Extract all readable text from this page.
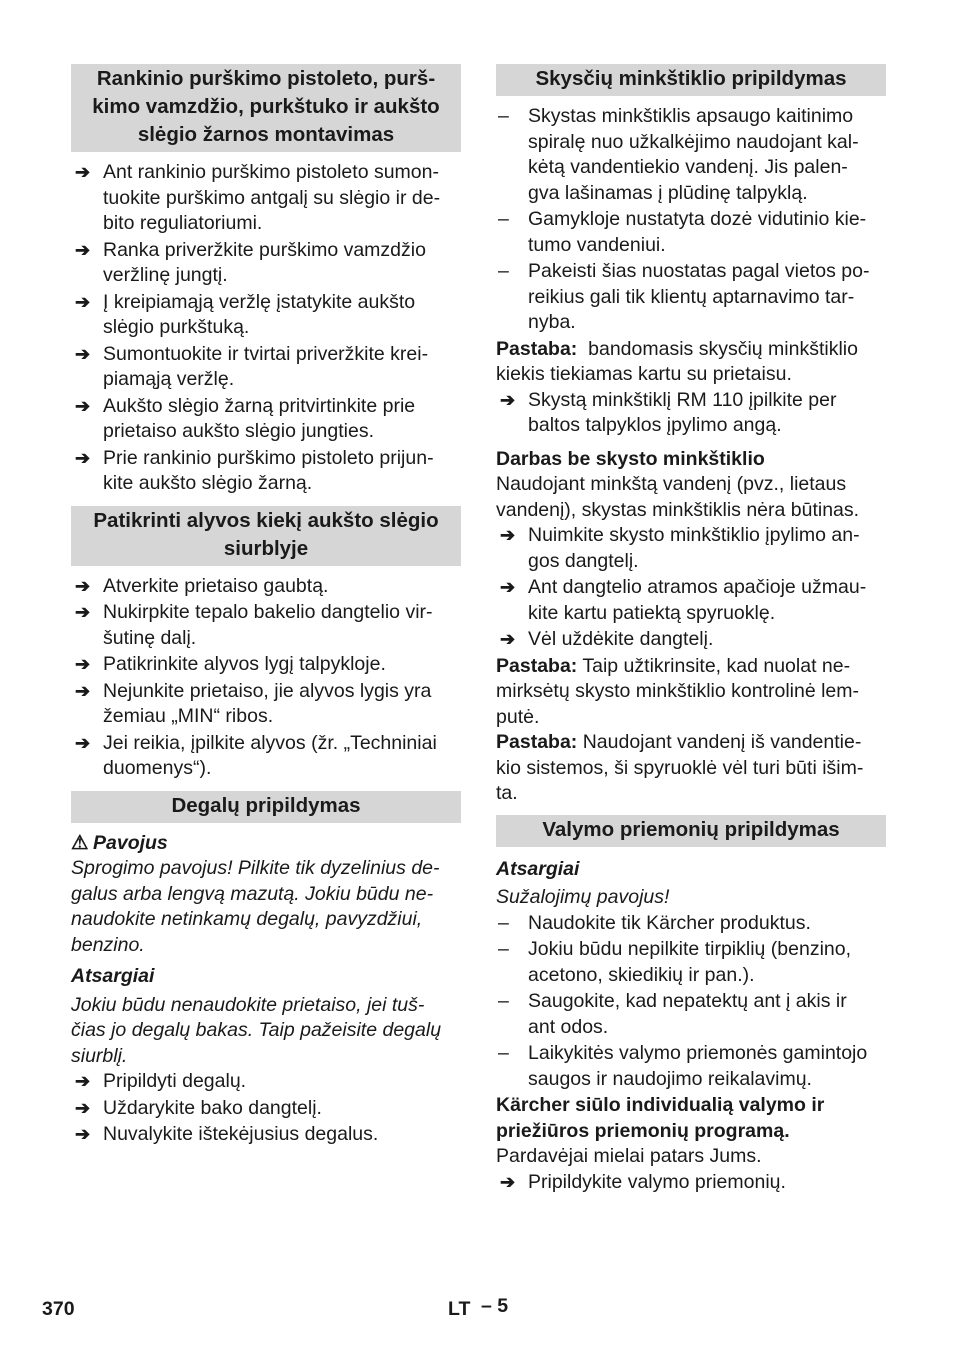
Rankinio purškimo pistoleto, purš-
kimo vamzdžio, purkštuko ir aukšto
slėgio žarnos montavimas
➔ Ant rankinio purškimo pistoleto sumon-
tuokite purškimo antgalį su slėgio ir de-
bito reguliatoriumi.
➔ Ranka priveržkite purškimo vamzdžio
veržlinę jungtį.
➔ Į kreipiamąją veržlę įstatykite aukšto
slėgio purkštuką.
➔ Sumontuokite ir tvirtai priveržkite krei-
piamąją veržlę.
➔ Aukšto slėgio žarną pritvirtinkite prie
prietaiso aukšto slėgio jungties.
➔ Prie rankinio purškimo pistoleto prijun-
kite aukšto slėgio žarną.
Patikrinti alyvos kiekį aukšto slėgio
siurblyje
➔ Atverkite prietaiso gaubtą.
➔ Nukirpkite tepalo bakelio dangtelio vir-
šutinę dalį.
➔ Patikrinkite alyvos lygį talpykloje.
➔ Nejunkite prietaiso, jie alyvos lygis yra
žemiau „MIN“ ribos.
➔ Jei reikia, įpilkite alyvos (žr. „Techniniai
duomenys“).
Degalų pripildymas
⚠ Pavojus
Sprogimo pavojus! Pilkite tik dyzelinius de-
galus arba lengvą mazutą. Jokiu būdu ne-
naudokite netinkamų degalų, pavyzdžiui,
benzino.
Atsargiai
Jokiu būdu nenaudokite prietaiso, jei tuš-
čias jo degalų bakas. Taip pažeisite degalų
siurblį.
➔ Pripildyti degalų.
➔ Uždarykite bako dangtelį.
➔ Nuvalykite ištekėjusius degalus.
Skysčių minkštiklio pripildymas
– Skystas minkštiklis apsaugo kaitinimo
spiralę nuo užkalkėjimo naudojant kal-
kėtą vandentiekio vandenį. Jis palen-
gva lašinamas į plūdinę talpyklą.
– Gamykloje nustatyta dozė vidutinio kie-
tumo vandeniui.
– Pakeisti šias nuostatas pagal vietos po-
reikius gali tik klientų aptarnavimo tar-
nyba.
Pastaba:  bandomasis skysčių minkštiklio
kiekis tiekiamas kartu su prietaisu.
➔ Skystą minkštiklį RM 110 įpilkite per
baltos talpyklos įpylimo angą.
Darbas be skysto minkštiklio
Naudojant minkštą vandenį (pvz., lietaus
vandenį), skystas minkštiklis nėra būtinas.
➔ Nuimkite skysto minkštiklio įpylimo an-
gos dangtelį.
➔ Ant dangtelio atramos apačioje užmau-
kite kartu patiektą spyruoklę.
➔ Vėl uždėkite dangtelį.
Pastaba: Taip užtikrinsite, kad nuolat ne-
mirksėtų skysto minkštiklio kontrolinė lem-
putė.
Pastaba: Naudojant vandenį iš vandentie-
kio sistemos, ši spyruoklė vėl turi būti išim-
ta.
Valymo priemonių pripildymas
Atsargiai
Sužalojimų pavojus!
– Naudokite tik Kärcher produktus.
– Jokiu būdu nepilkite tirpiklių (benzino,
acetono, skiedikių ir pan.).
– Saugokite, kad nepatektų ant į akis ir
ant odos.
– Laikykitės valymo priemonės gamintojo
saugos ir naudojimo reikalavimų.
Kärcher siūlo individualią valymo ir
priežiūros priemonių programą.
Pardavėjai mielai patars Jums.
➔ Pripildykite valymo priemonių.
370	LT – 5
